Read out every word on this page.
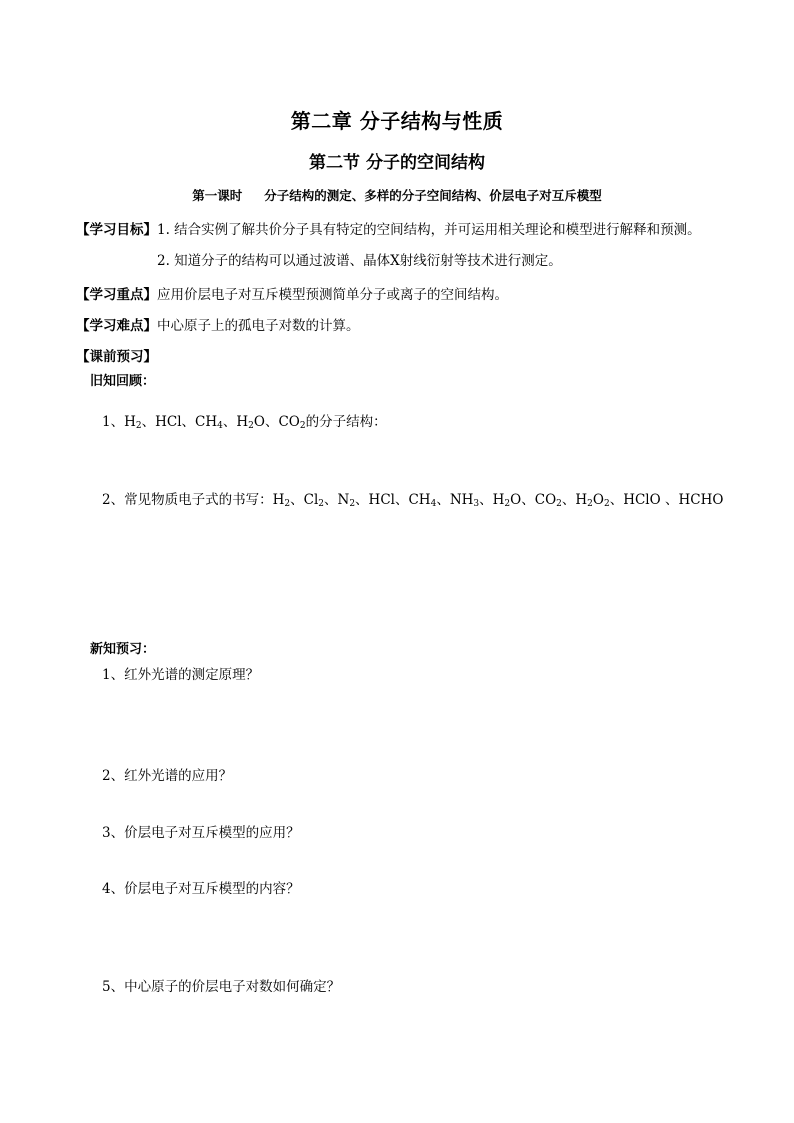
第二章 分子结构与性质
第二节 分子的空间结构
第一课时 分子结构的测定、多样的分子空间结构、价层电子对互斥模型
【学习目标】1. 结合实例了解共价分子具有特定的空间结构，并可运用相关理论和模型进行解释和预测。
2. 知道分子的结构可以通过波谱、晶体X射线衍射等技术进行测定。
【学习重点】应用价层电子对互斥模型预测简单分子或离子的空间结构。
【学习难点】中心原子上的孤电子对数的计算。
【课前预习】
旧知回顾：
1、$H_2$、HCl、$CH_4$、$H_2O$、$CO_2$的分子结构：
2、常见物质电子式的书写：$H_2$、$Cl_2$、$N_2$、HCl、$CH_4$、$NH_3$、$H_2O$、$CO_2$、$H_2O_2$、HClO 、HCHO
新知预习：
1、红外光谱的测定原理？
2、红外光谱的应用？
3、价层电子对互斥模型的应用？
4、价层电子对互斥模型的内容？
5、中心原子的价层电子对数如何确定？
